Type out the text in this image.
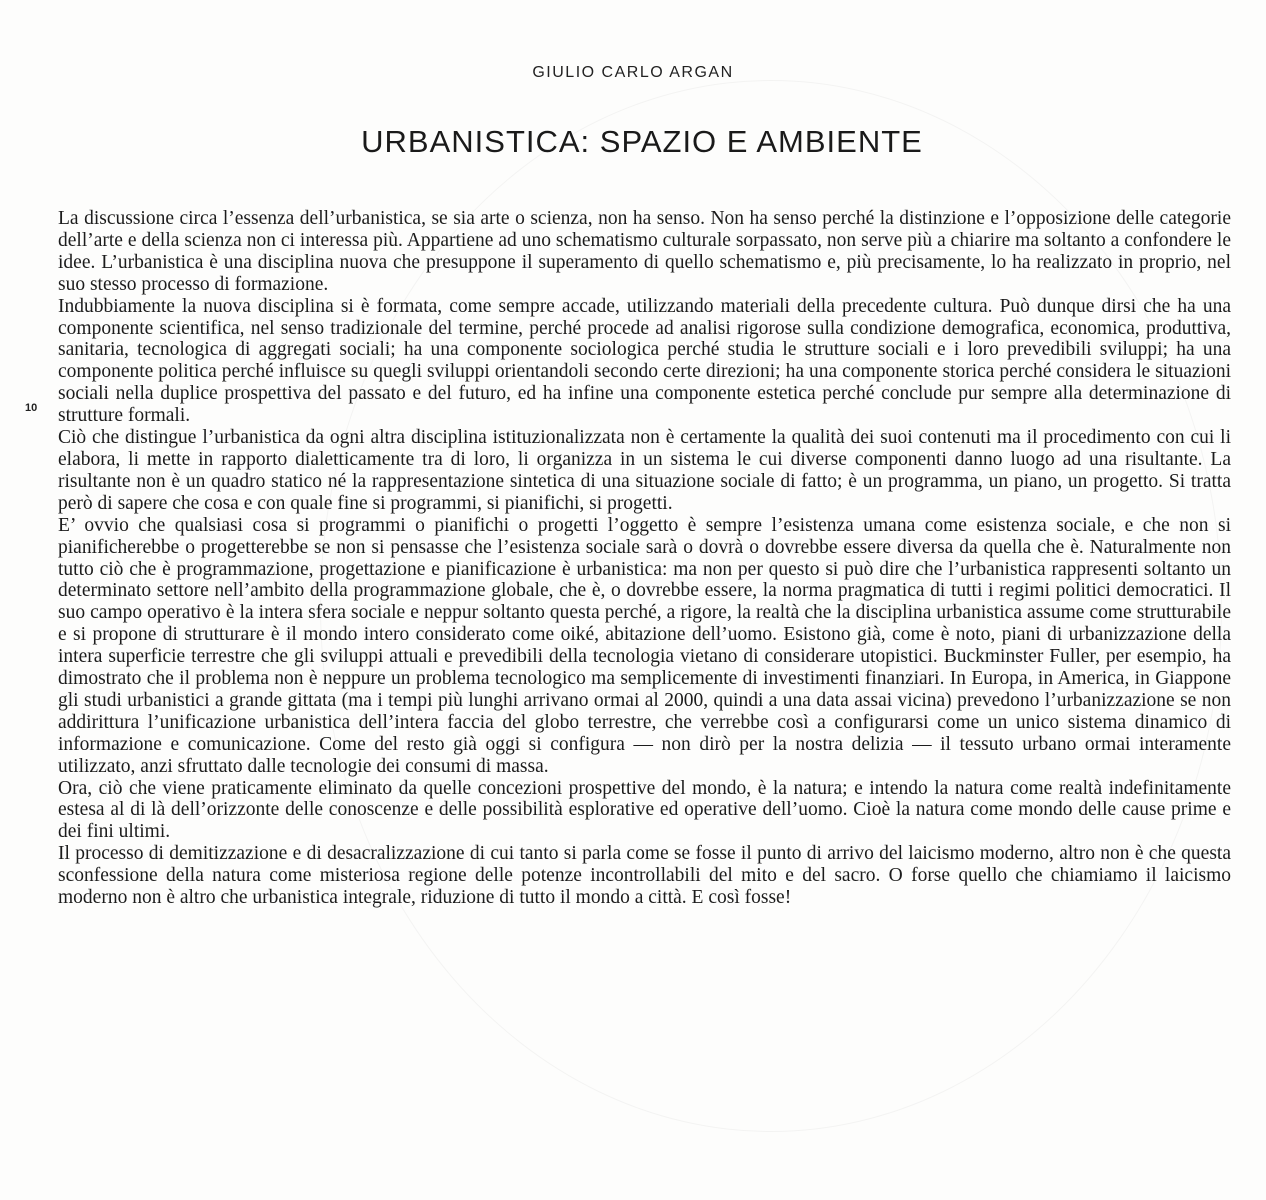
GIULIO CARLO ARGAN
URBANISTICA: SPAZIO E AMBIENTE
10

La discussione circa l’essenza dell’urbanistica, se sia arte o scienza, non ha senso. Non ha senso perché la distinzione e l’opposizione delle categorie dell’arte e della scienza non ci interessa più. Appartiene ad uno schematismo culturale sorpassato, non serve più a chiarire ma soltanto a confondere le idee. L’urbanistica è una disciplina nuova che presuppone il superamento di quello schematismo e, più precisamente, lo ha realizzato in proprio, nel suo stesso processo di formazione.

Indubbiamente la nuova disciplina si è formata, come sempre accade, utilizzando materiali della precedente cultura. Può dunque dirsi che ha una componente scientifica, nel senso tradizionale del termine, perché procede ad analisi rigorose sulla condizione demografica, economica, produttiva, sanitaria, tecnologica di aggregati sociali; ha una componente sociologica perché studia le strutture sociali e i loro prevedibili sviluppi; ha una componente politica perché influisce su quegli sviluppi orientandoli secondo certe direzioni; ha una componente storica perché considera le situazioni sociali nella duplice prospettiva del passato e del futuro, ed ha infine una componente estetica perché conclude pur sempre alla determinazione di strutture formali.

Ciò che distingue l’urbanistica da ogni altra disciplina istituzionalizzata non è certamente la qualità dei suoi contenuti ma il procedimento con cui li elabora, li mette in rapporto dialetticamente tra di loro, li organizza in un sistema le cui diverse componenti danno luogo ad una risultante. La risultante non è un quadro statico né la rappresentazione sintetica di una situazione sociale di fatto; è un programma, un piano, un progetto. Si tratta però di sapere che cosa e con quale fine si programmi, si pianifichi, si progetti.

E’ ovvio che qualsiasi cosa si programmi o pianifichi o progetti l’oggetto è sempre l’esistenza umana come esistenza sociale, e che non si pianificherebbe o progetterebbe se non si pensasse che l’esistenza sociale sarà o dovrà o dovrebbe essere diversa da quella che è. Naturalmente non tutto ciò che è programmazione, progettazione e pianificazione è urbanistica: ma non per questo si può dire che l’urbanistica rappresenti soltanto un determinato settore nell’ambito della programmazione globale, che è, o dovrebbe essere, la norma pragmatica di tutti i regimi politici democratici. Il suo campo operativo è la intera sfera sociale e neppur soltanto questa perché, a rigore, la realtà che la disciplina urbanistica assume come strutturabile e si propone di strutturare è il mondo intero considerato come oiké, abitazione dell’uomo. Esistono già, come è noto, piani di urbanizzazione della intera superficie terrestre che gli sviluppi attuali e prevedibili della tecnologia vietano di considerare utopistici. Buckminster Fuller, per esempio, ha dimostrato che il problema non è neppure un problema tecnologico ma semplicemente di investimenti finanziari. In Europa, in America, in Giappone gli studi urbanistici a grande gittata (ma i tempi più lunghi arrivano ormai al 2000, quindi a una data assai vicina) prevedono l’urbanizzazione se non addirittura l’unificazione urbanistica dell’intera faccia del globo terrestre, che verrebbe così a configurarsi come un unico sistema dinamico di informazione e comunicazione. Come del resto già oggi si configura — non dirò per la nostra delizia — il tessuto urbano ormai interamente utilizzato, anzi sfruttato dalle tecnologie dei consumi di massa.

Ora, ciò che viene praticamente eliminato da quelle concezioni prospettive del mondo, è la natura; e intendo la natura come realtà indefinitamente estesa al di là dell’orizzonte delle conoscenze e delle possibilità esplorative ed operative dell’uomo. Cioè la natura come mondo delle cause prime e dei fini ultimi.

Il processo di demitizzazione e di desacralizzazione di cui tanto si parla come se fosse il punto di arrivo del laicismo moderno, altro non è che questa sconfessione della natura come misteriosa regione delle potenze incontrollabili del mito e del sacro. O forse quello che chiamiamo il laicismo moderno non è altro che urbanistica integrale, riduzione di tutto il mondo a città. E così fosse!
